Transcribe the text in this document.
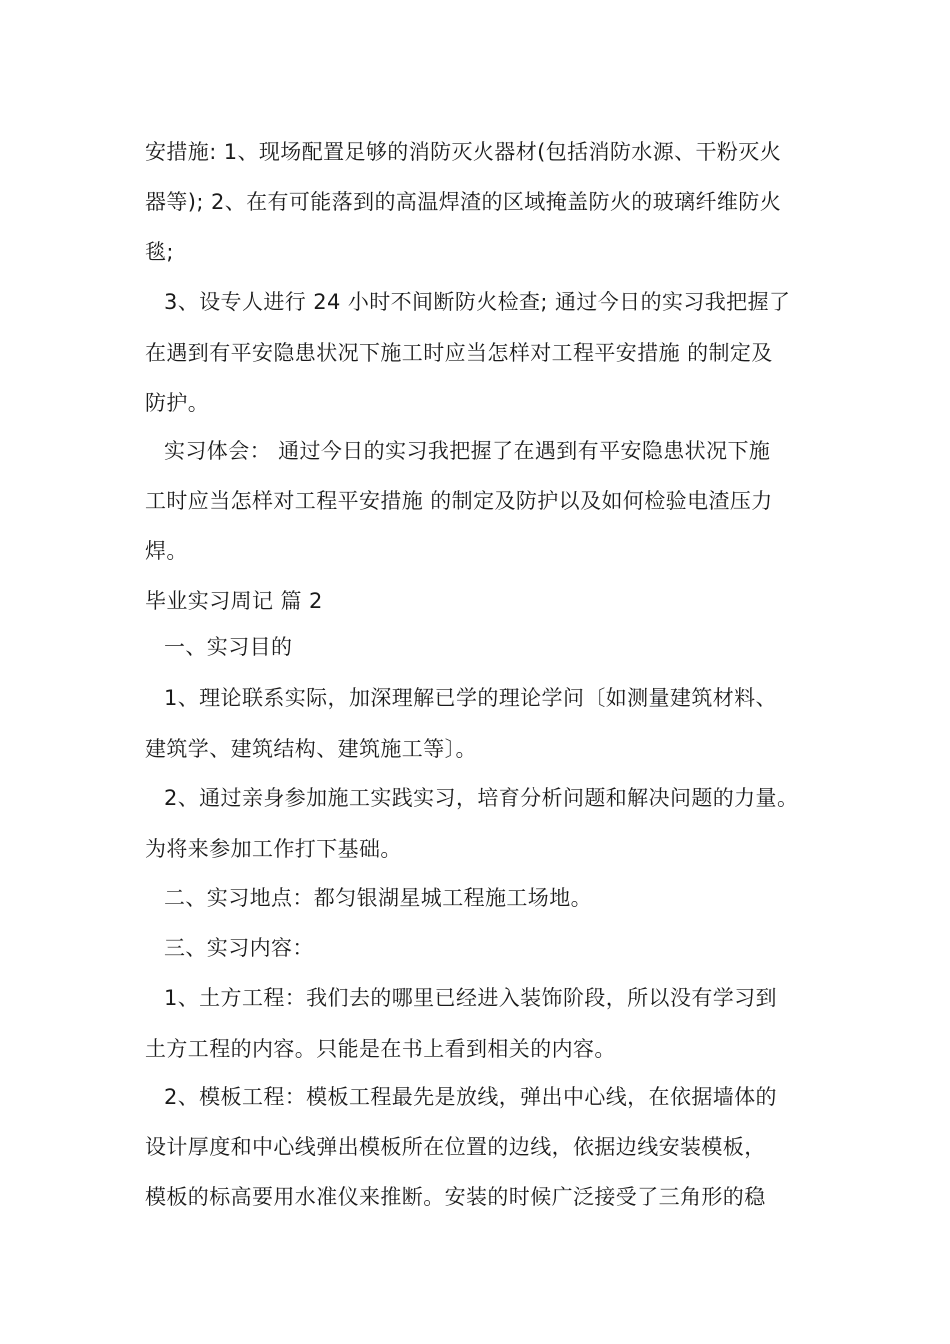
安措施: 1、现场配置足够的消防灭火器材(包括消防水源、干粉灭火
器等); 2、在有可能落到的高温焊渣的区域掩盖防火的玻璃纤维防火
毯;
3、设专人进行 24 小时不间断防火检查; 通过今日的实习我把握了
在遇到有平安隐患状况下施工时应当怎样对工程平安措施 的制定及
防护。
实习体会： 通过今日的实习我把握了在遇到有平安隐患状况下施
工时应当怎样对工程平安措施 的制定及防护以及如何检验电渣压力
焊。
毕业实习周记 篇 2
一、实习目的
1、理论联系实际，加深理解已学的理论学问〔如测量建筑材料、
建筑学、建筑结构、建筑施工等〕。
2、通过亲身参加施工实践实习，培育分析问题和解决问题的力量。
为将来参加工作打下基础。
二、实习地点：都匀银湖星城工程施工场地。
三、实习内容：
1、土方工程：我们去的哪里已经进入装饰阶段，所以没有学习到
土方工程的内容。只能是在书上看到相关的内容。
2、模板工程：模板工程最先是放线，弹出中心线，在依据墙体的
设计厚度和中心线弹出模板所在位置的边线，依据边线安装模板，
模板的标高要用水准仪来推断。安装的时候广泛接受了三角形的稳
